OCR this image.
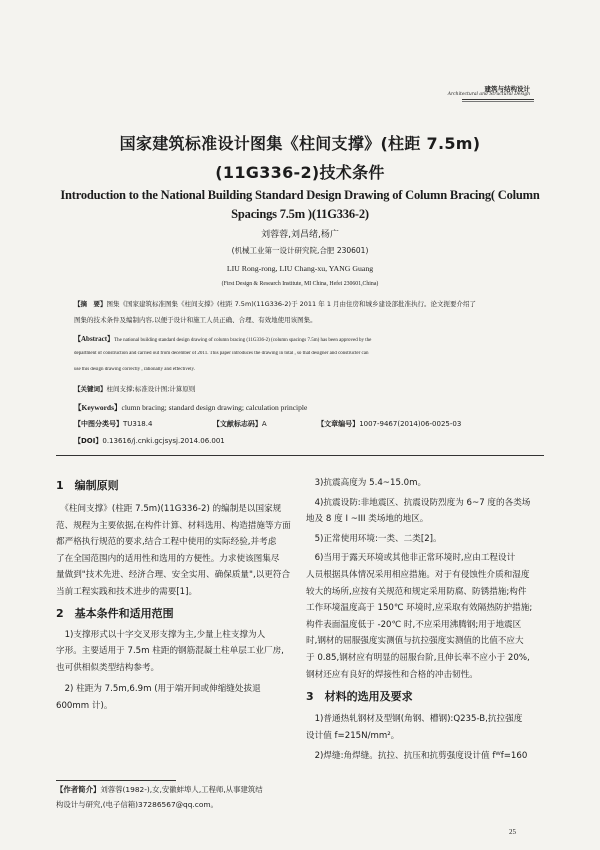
建筑与结构设计
Architectural and Structural Design
国家建筑标准设计图集《柱间支撑》(柱距 7.5m)
(11G336-2)技术条件
Introduction to the National Building Standard Design Drawing of Column Bracing( Column
Spacings 7.5m )(11G336-2)
刘蓉蓉,刘昌绪,杨广
(机械工业第一设计研究院,合肥 230601)
LIU Rong-rong, LIU Chang-xu, YANG Guang
(First Design & Research Institute, MI China, Hefei 230601,China)
【摘　要】图集《国家建筑标准图集《柱间支撑》(柱距 7.5m)(11G336-2)于 2011 年 1 月由住房和城乡建设部批准执行。论文扼要介绍了
图集的技术条件及编制内容,以便于设计和施工人员正确、合理、有效地使用该图集。
【Abstract】The national building standard design drawing of column bracing (11G336-2) (column spacings 7.5m) has been approved by the
department of construction and carried out from december of 2011. This paper introduces the drawing in total , so that designer and constructer can
use this design drawing correctly , rationally and effectively.
【关键词】柱间支撑;标准设计图;计算原则
【Keywords】clumn bracing; standard design drawing; calculation principle
【中图分类号】TU318.4	【文献标志码】A	【文章编号】1007-9467(2014)06-0025-03
【DOI】0.13616/j.cnki.gcjsysj.2014.06.001
1　编制原则
　《柱间支撑》(柱距 7.5m)(11G336-2) 的编制是以国家规
范、规程为主要依据,在构件计算、材料选用、构造措施等方面
都严格执行规范的要求,结合工程中使用的实际经验,并考虑
了在全国范围内的适用性和选用的方便性。力求使该图集尽
量做到"技术先进、经济合理、安全实用、确保质量",以更符合
当前工程实践和技术进步的需要[1]。
2　基本条件和适用范围
　1)支撑形式以十字交叉形支撑为主,少量上柱支撑为人
字形。主要适用于 7.5m 柱距的钢筋混凝土柱单层工业厂房,
也可供相似类型结构参考。
　2) 柱距为 7.5m,6.9m (用于端开间或伸缩缝处拔退
600mm 计)。
【作者简介】刘蓉蓉(1982-),女,安徽蚌埠人,工程师,从事建筑结
构设计与研究,(电子信箱)37286567@qq.com。
　3)抗震高度为 5.4~15.0m。
　4)抗震设防:非地震区、抗震设防烈度为 6~7 度的各类场
地及 8 度 I ~III 类场地的地区。
　5)正常使用环境:一类、二类[2]。
　6)当用于露天环境或其他非正常环境时,应由工程设计
人员根据具体情况采用相应措施。对于有侵蚀性介质和湿度
较大的场所,应按有关规范和规定采用防腐、防锈措施;构件
工作环境温度高于 150℃ 环境时,应采取有效隔热防护措施;
构件表面温度低于 -20℃ 时,不应采用沸腾钢;用于地震区
时,钢材的屈服强度实测值与抗拉强度实测值的比值不应大
于 0.85,钢材应有明显的屈服台阶,且伸长率不应小于 20%,
钢材还应有良好的焊接性和合格的冲击韧性。
3　材料的选用及要求
　1)普通热轧钢材及型钢(角钢、槽钢):Q235-B,抗拉强度
设计值 f=215N/mm²。
　2)焊缝:角焊缝。抗拉、抗压和抗剪强度设计值 fᵂf=160
25
